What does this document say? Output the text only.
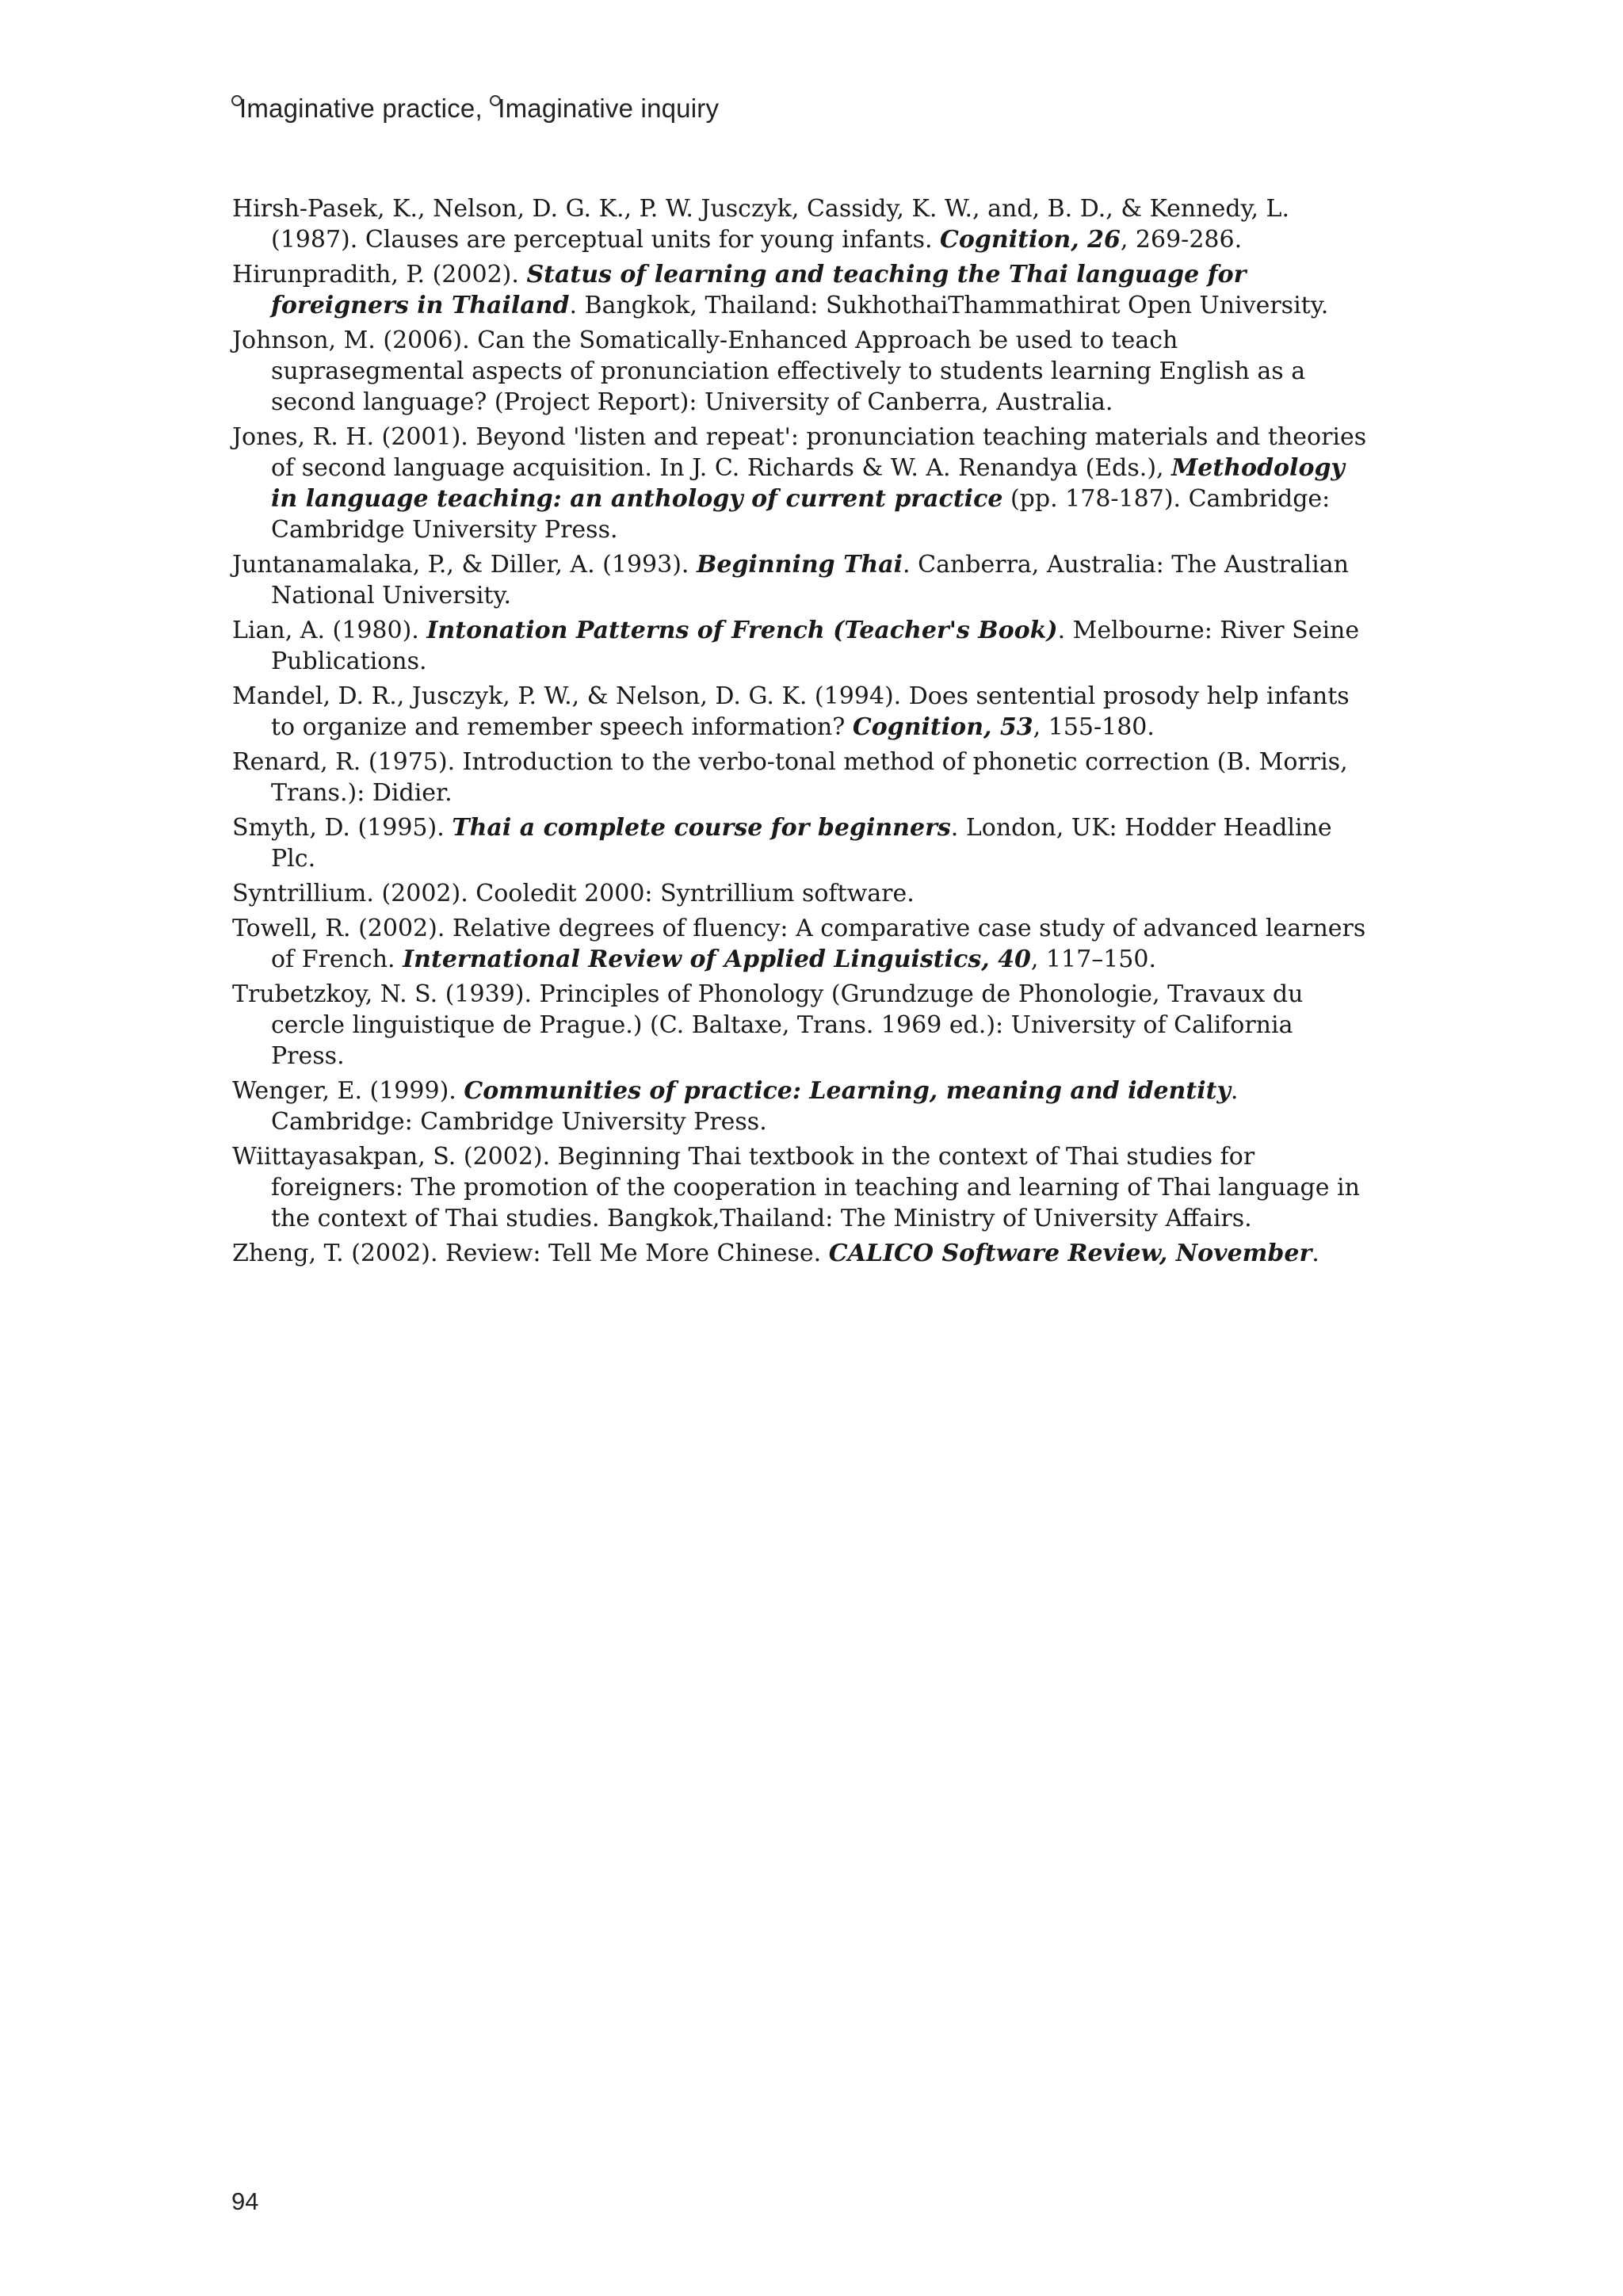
Imaginative practice, Imaginative inquiry

Hirsh-Pasek, K., Nelson, D. G. K., P. W. Jusczyk, Cassidy, K. W., and, B. D., & Kennedy, L. (1987). Clauses are perceptual units for young infants. Cognition, 26, 269-286.

Hirunpradith, P. (2002). Status of learning and teaching the Thai language for foreigners in Thailand. Bangkok, Thailand: SukhothaiThammathirat Open University.

Johnson, M. (2006). Can the Somatically-Enhanced Approach be used to teach suprasegmental aspects of pronunciation effectively to students learning English as a second language? (Project Report): University of Canberra, Australia.

Jones, R. H. (2001). Beyond 'listen and repeat': pronunciation teaching materials and theories of second language acquisition. In J. C. Richards & W. A. Renandya (Eds.), Methodology in language teaching: an anthology of current practice (pp. 178-187). Cambridge: Cambridge University Press.

Juntanamalaka, P., & Diller, A. (1993). Beginning Thai. Canberra, Australia: The Australian National University.

Lian, A. (1980). Intonation Patterns of French (Teacher's Book). Melbourne: River Seine Publications.

Mandel, D. R., Jusczyk, P. W., & Nelson, D. G. K. (1994). Does sentential prosody help infants to organize and remember speech information? Cognition, 53, 155-180.

Renard, R. (1975). Introduction to the verbo-tonal method of phonetic correction (B. Morris, Trans.): Didier.

Smyth, D. (1995). Thai a complete course for beginners. London, UK: Hodder Headline Plc.

Syntrillium. (2002). Cooledit 2000: Syntrillium software.

Towell, R. (2002). Relative degrees of fluency: A comparative case study of advanced learners of French. International Review of Applied Linguistics, 40, 117–150.

Trubetzkoy, N. S. (1939). Principles of Phonology (Grundzuge de Phonologie, Travaux du cercle linguistique de Prague.) (C. Baltaxe, Trans. 1969 ed.): University of California Press.

Wenger, E. (1999). Communities of practice: Learning, meaning and identity. Cambridge: Cambridge University Press.

Wiittayasakpan, S. (2002). Beginning Thai textbook in the context of Thai studies for foreigners: The promotion of the cooperation in teaching and learning of Thai language in the context of Thai studies. Bangkok,Thailand: The Ministry of University Affairs.

Zheng, T. (2002). Review: Tell Me More Chinese. CALICO Software Review, November.

94
